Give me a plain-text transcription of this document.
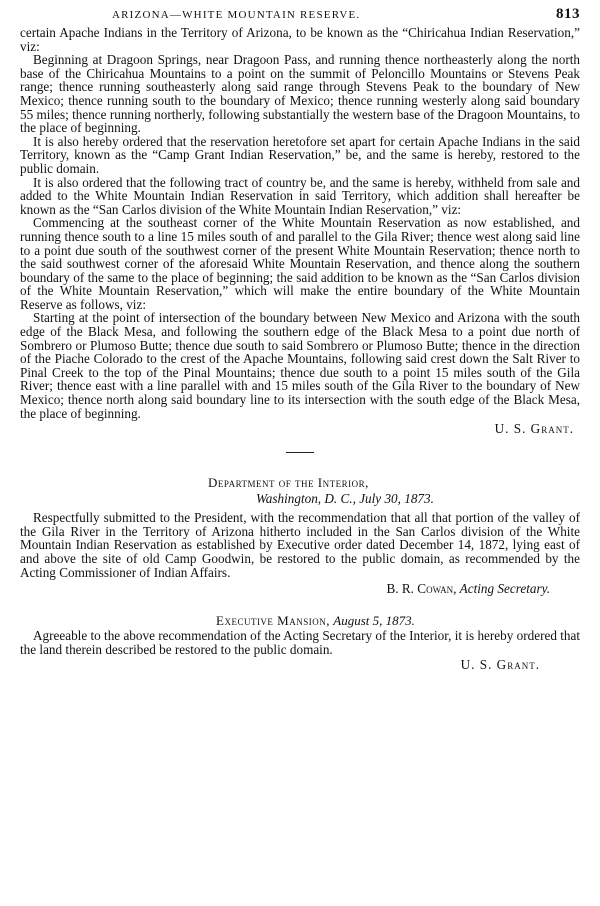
ARIZONA—WHITE MOUNTAIN RESERVE.	813

certain Apache Indians in the Territory of Arizona, to be known as the “Chiricahua Indian Reservation,” viz:

Beginning at Dragoon Springs, near Dragoon Pass, and running thence northeasterly along the north base of the Chiricahua Mountains to a point on the summit of Peloncillo Mountains or Stevens Peak range; thence running southeasterly along said range through Stevens Peak to the boundary of New Mexico; thence running south to the boundary of Mexico; thence running westerly along said boundary 55 miles; thence running northerly, following substantially the western base of the Dragoon Mountains, to the place of beginning.

It is also hereby ordered that the reservation heretofore set apart for certain Apache Indians in the said Territory, known as the “Camp Grant Indian Reservation,” be, and the same is hereby, restored to the public domain.

It is also ordered that the following tract of country be, and the same is hereby, withheld from sale and added to the White Mountain Indian Reservation in said Territory, which addition shall hereafter be known as the “San Carlos division of the White Mountain Indian Reservation,” viz:

Commencing at the southeast corner of the White Mountain Reservation as now established, and running thence south to a line 15 miles south of and parallel to the Gila River; thence west along said line to a point due south of the southwest corner of the present White Mountain Reservation; thence north to the said southwest corner of the aforesaid White Mountain Reservation, and thence along the southern boundary of the same to the place of beginning; the said addition to be known as the “San Carlos division of the White Mountain Reservation,” which will make the entire boundary of the White Mountain Reserve as follows, viz:

Starting at the point of intersection of the boundary between New Mexico and Arizona with the south edge of the Black Mesa, and following the southern edge of the Black Mesa to a point due north of Sombrero or Plumoso Butte; thence due south to said Sombrero or Plumoso Butte; thence in the direction of the Piache Colorado to the crest of the Apache Mountains, following said crest down the Salt River to Pinal Creek to the top of the Pinal Mountains; thence due south to a point 15 miles south of the Gila River; thence east with a line parallel with and 15 miles south of the Gila River to the boundary of New Mexico; thence north along said boundary line to its intersection with the south edge of the Black Mesa, the place of beginning.

U. S. Grant.
Department of the Interior,
Washington, D. C., July 30, 1873.

Respectfully submitted to the President, with the recommendation that all that portion of the valley of the Gila River in the Territory of Arizona hitherto included in the San Carlos division of the White Mountain Indian Reservation as established by Executive order dated December 14, 1872, lying east of and above the site of old Camp Goodwin, be restored to the public domain, as recommended by the Acting Commissioner of Indian Affairs.

B. R. Cowan, Acting Secretary.
Executive Mansion, August 5, 1873.

Agreeable to the above recommendation of the Acting Secretary of the Interior, it is hereby ordered that the land therein described be restored to the public domain.

U. S. Grant.
